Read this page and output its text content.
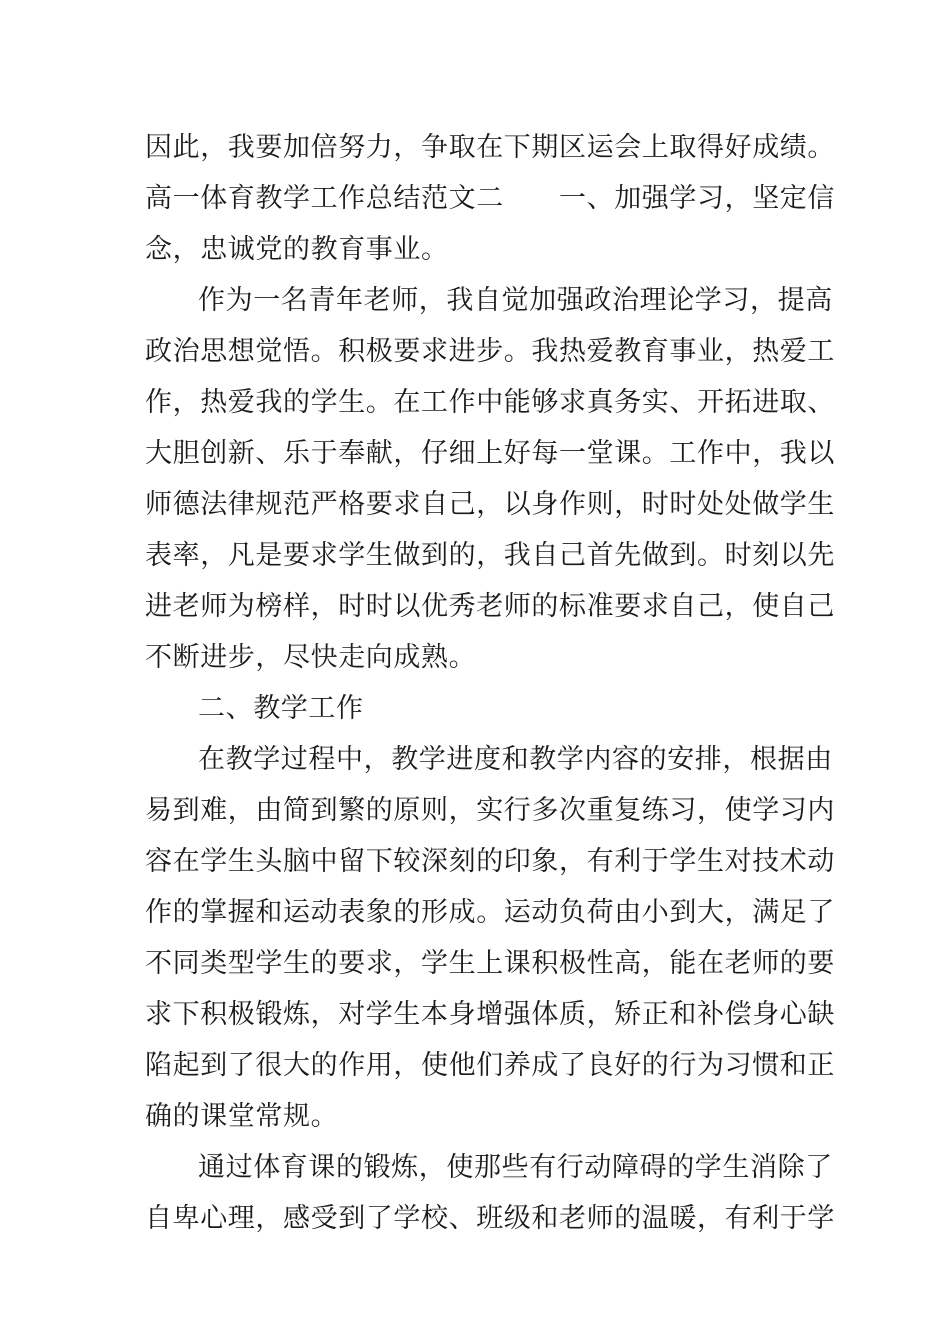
因此，我要加倍努力，争取在下期区运会上取得好成绩。
高一体育教学工作总结范文二　　一、加强学习，坚定信
念，忠诚党的教育事业。
作为一名青年老师，我自觉加强政治理论学习，提高
政治思想觉悟。积极要求进步。我热爱教育事业，热爱工
作，热爱我的学生。在工作中能够求真务实、开拓进取、
大胆创新、乐于奉献，仔细上好每一堂课。工作中，我以
师德法律规范严格要求自己，以身作则，时时处处做学生
表率，凡是要求学生做到的，我自己首先做到。时刻以先
进老师为榜样，时时以优秀老师的标准要求自己，使自己
不断进步，尽快走向成熟。
二、教学工作
在教学过程中，教学进度和教学内容的安排，根据由
易到难，由简到繁的原则，实行多次重复练习，使学习内
容在学生头脑中留下较深刻的印象，有利于学生对技术动
作的掌握和运动表象的形成。运动负荷由小到大，满足了
不同类型学生的要求，学生上课积极性高，能在老师的要
求下积极锻炼，对学生本身增强体质，矫正和补偿身心缺
陷起到了很大的作用，使他们养成了良好的行为习惯和正
确的课堂常规。
通过体育课的锻炼，使那些有行动障碍的学生消除了
自卑心理，感受到了学校、班级和老师的温暖，有利于学
